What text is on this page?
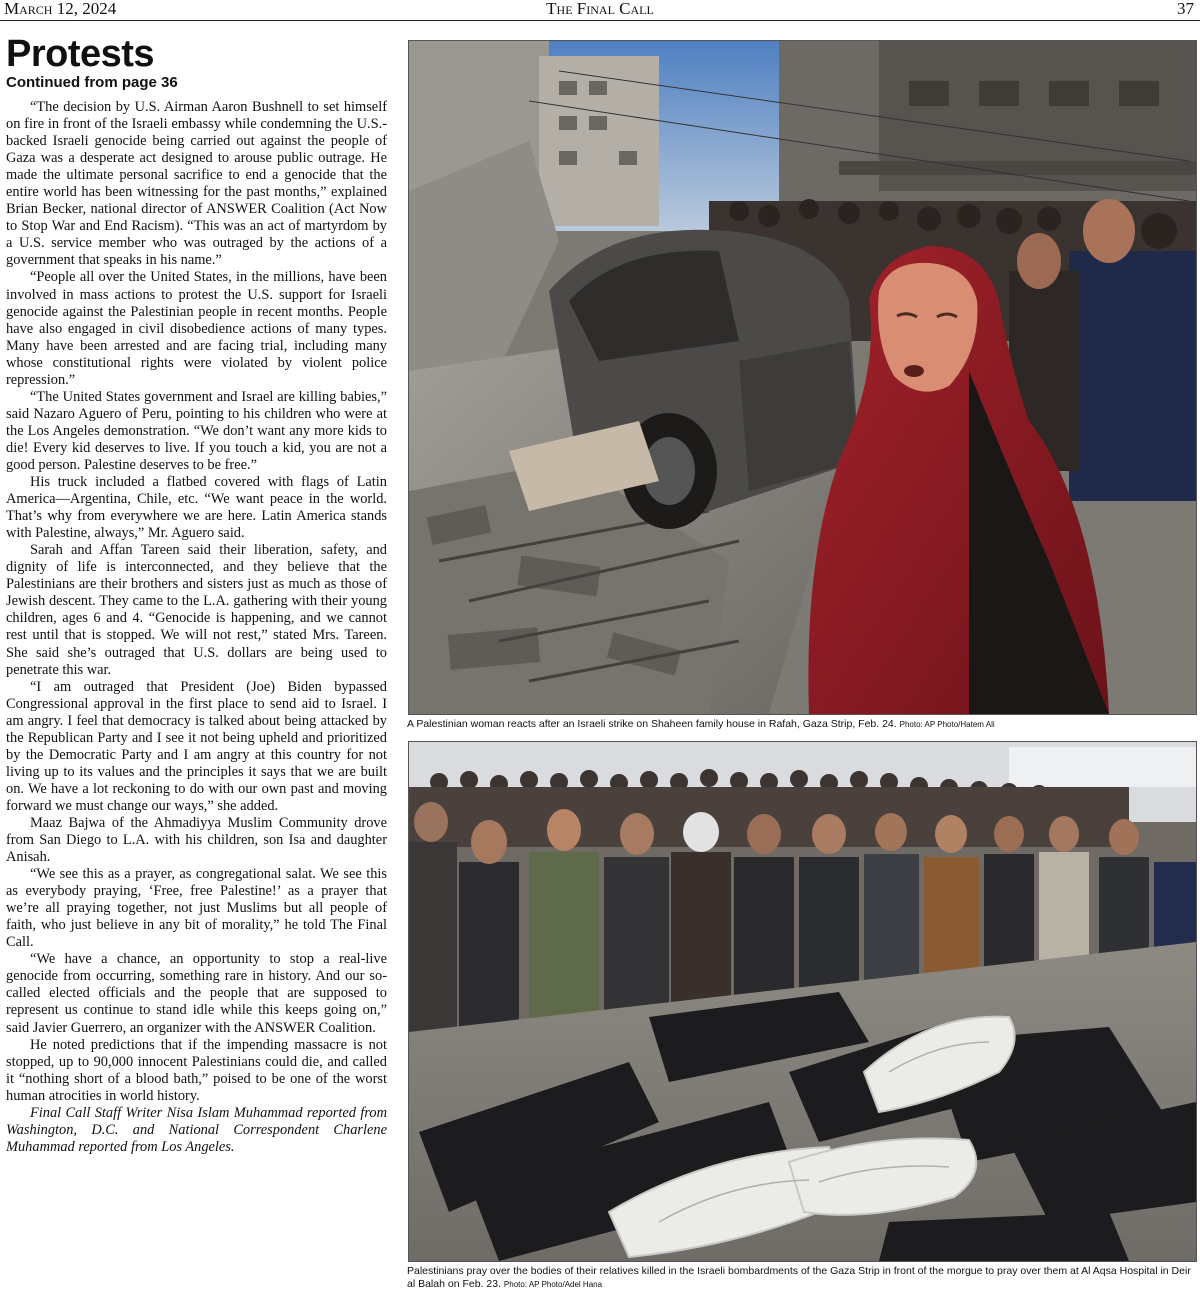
The Final Call
March 12, 2024	37
Protests
Continued from page 36

“The decision by U.S. Airman Aaron Bushnell to set himself on fire in front of the Israeli embassy while condemning the U.S.-backed Israeli genocide being carried out against the people of Gaza was a desperate act designed to arouse public outrage. He made the ultimate personal sacrifice to end a genocide that the entire world has been witnessing for the past months,” explained Brian Becker, national director of ANSWER Coalition (Act Now to Stop War and End Racism). “This was an act of martyrdom by a U.S. service member who was outraged by the actions of a government that speaks in his name.”

“People all over the United States, in the millions, have been involved in mass actions to protest the U.S. support for Israeli genocide against the Palestinian people in recent months. People have also engaged in civil disobedience actions of many types. Many have been arrested and are facing trial, including many whose constitutional rights were violated by violent police repression.”

“The United States government and Israel are killing babies,” said Nazaro Aguero of Peru, pointing to his children who were at the Los Angeles demonstration. “We don’t want any more kids to die! Every kid deserves to live. If you touch a kid, you are not a good person. Palestine deserves to be free.”

His truck included a flatbed covered with flags of Latin America—Argentina, Chile, etc. “We want peace in the world. That’s why from everywhere we are here. Latin America stands with Palestine, always,” Mr. Aguero said.

Sarah and Affan Tareen said their liberation, safety, and dignity of life is interconnected, and they believe that the Palestinians are their brothers and sisters just as much as those of Jewish descent. They came to the L.A. gathering with their young children, ages 6 and 4. “Genocide is happening, and we cannot rest until that is stopped. We will not rest,” stated Mrs. Tareen. She said she’s outraged that U.S. dollars are being used to penetrate this war.

“I am outraged that President (Joe) Biden bypassed Congressional approval in the first place to send aid to Israel. I am angry. I feel that democracy is talked about being attacked by the Republican Party and I see it not being upheld and prioritized by the Democratic Party and I am angry at this country for not living up to its values and the principles it says that we are built on. We have a lot reckoning to do with our own past and moving forward we must change our ways,” she added.

Maaz Bajwa of the Ahmadiyya Muslim Community drove from San Diego to L.A. with his children, son Isa and daughter Anisah.

“We see this as a prayer, as congregational salat. We see this as everybody praying, ‘Free, free Palestine!’ as a prayer that we’re all praying together, not just Muslims but all people of faith, who just believe in any bit of morality,” he told The Final Call.

“We have a chance, an opportunity to stop a real-live genocide from occurring, something rare in history. And our so-called elected officials and the people that are supposed to represent us continue to stand idle while this keeps going on,” said Javier Guerrero, an organizer with the ANSWER Coalition.

He noted predictions that if the impending massacre is not stopped, up to 90,000 innocent Palestinians could die, and called it “nothing short of a blood bath,” poised to be one of the worst human atrocities in world history.

Final Call Staff Writer Nisa Islam Muhammad reported from Washington, D.C. and National Correspondent Charlene Muhammad reported from Los Angeles.

A Palestinian woman reacts after an Israeli strike on Shaheen family house in Rafah, Gaza Strip, Feb. 24. Photo: AP Photo/Hatem Ali
Palestinians pray over the bodies of their relatives killed in the Israeli bombardments of the Gaza Strip in front of the morgue to pray over them at Al Aqsa Hospital in Deir al Balah on Feb. 23. Photo: AP Photo/Adel Hana
